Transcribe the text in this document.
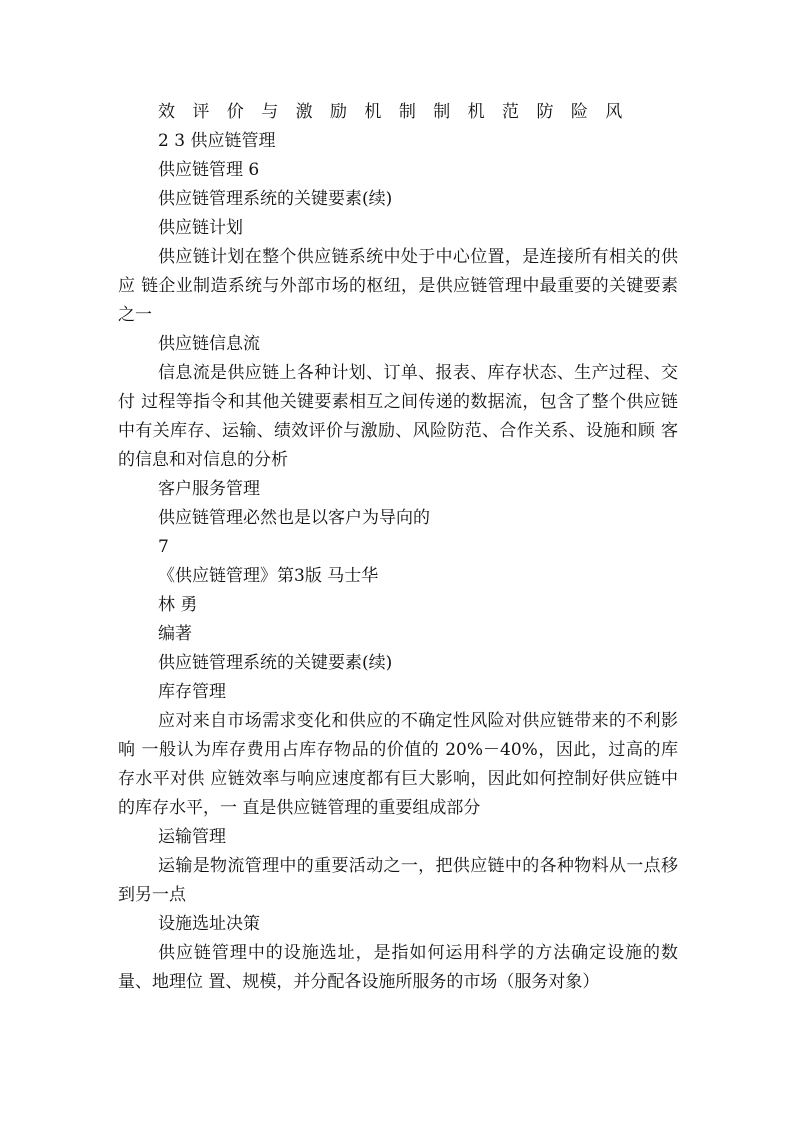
效 评 价 与 激 励 机 制 制 机 范 防 险 风

2 3 供应链管理

供应链管理 6

供应链管理系统的关键要素(续)

供应链计划

供应链计划在整个供应链系统中处于中心位置，是连接所有相关的供应 链企业制造系统与外部市场的枢纽，是供应链管理中最重要的关键要素 之一

供应链信息流

信息流是供应链上各种计划、订单、报表、库存状态、生产过程、交付 过程等指令和其他关键要素相互之间传递的数据流，包含了整个供应链 中有关库存、运输、绩效评价与激励、风险防范、合作关系、设施和顾 客的信息和对信息的分析

客户服务管理

供应链管理必然也是以客户为导向的

7

《供应链管理》第3版 马士华

林 勇

编著

供应链管理系统的关键要素(续)

库存管理

应对来自市场需求变化和供应的不确定性风险对供应链带来的不利影响 一般认为库存费用占库存物品的价值的 20%－40%，因此，过高的库存水平对供 应链效率与响应速度都有巨大影响，因此如何控制好供应链中的库存水平，一 直是供应链管理的重要组成部分

运输管理

运输是物流管理中的重要活动之一，把供应链中的各种物料从一点移到另一点

设施选址决策

供应链管理中的设施选址，是指如何运用科学的方法确定设施的数量、地理位 置、规模，并分配各设施所服务的市场（服务对象）
